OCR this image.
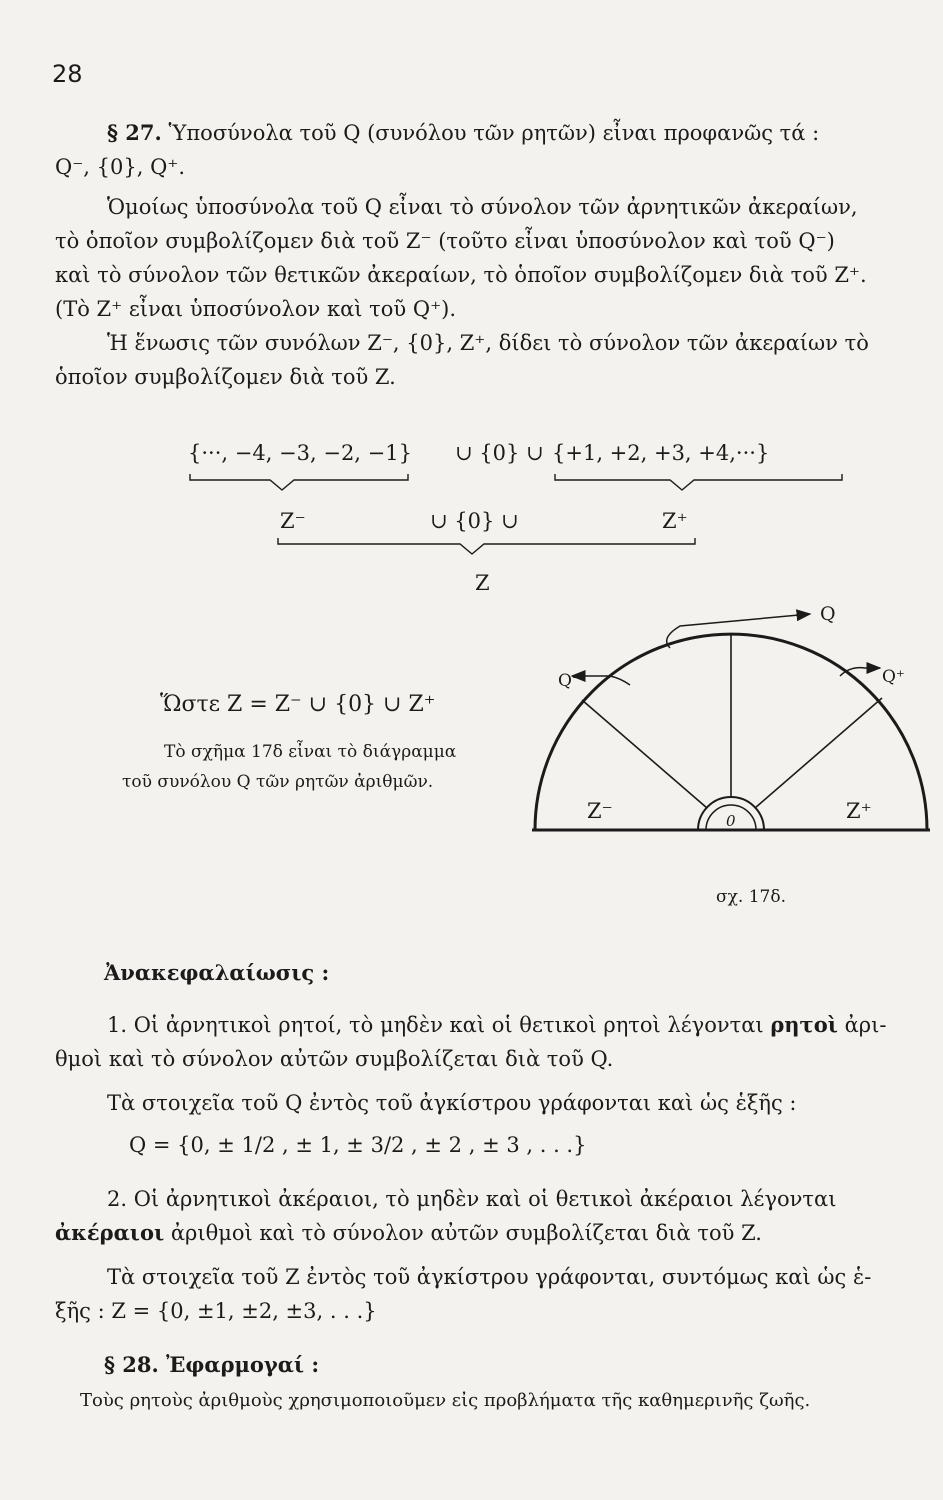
28
§ 27. Ὑποσύνολα τοῦ Q (συνόλου τῶν ρητῶν) εἶναι προφανῶς τά :
Q⁻, {0}, Q⁺.
Ὁμοίως ὑποσύνολα τοῦ Q εἶναι τὸ σύνολον τῶν ἀρνητικῶν ἀκεραίων,
τὸ ὁποῖον συμβολίζομεν διὰ τοῦ Z⁻ (τοῦτο εἶναι ὑποσύνολον καὶ τοῦ Q⁻)
καὶ τὸ σύνολον τῶν θετικῶν ἀκεραίων, τὸ ὁποῖον συμβολίζομεν διὰ τοῦ Z⁺.
(Τὸ Z⁺ εἶναι ὑποσύνολον καὶ τοῦ Q⁺).
Ἡ ἕνωσις τῶν συνόλων Z⁻, {0}, Z⁺, δίδει τὸ σύνολον τῶν ἀκεραίων τὸ
ὁποῖον συμβολίζομεν διὰ τοῦ Z.
{···, −4, −3, −2, −1} ∪ {0} ∪ {+1, +2, +3, +4,···}
Z⁻	∪ {0} ∪	Z⁺
Z
Ὥστε Z = Z⁻ ∪ {0} ∪ Z⁺
Τὸ σχῆμα 17δ εἶναι τὸ διάγραμμα
τοῦ συνόλου Q τῶν ρητῶν ἀριθμῶν.
Q
Q⁻	Q⁺
Z⁻	Z⁺
0
σχ. 17δ.
Ἀνακεφαλαίωσις :
1. Οἱ ἀρνητικοὶ ρητοί, τὸ μηδὲν καὶ οἱ θετικοὶ ρητοὶ λέγονται ρητοὶ ἀρι-
θμοὶ καὶ τὸ σύνολον αὐτῶν συμβολίζεται διὰ τοῦ Q.
Τὰ στοιχεῖα τοῦ Q ἐντὸς τοῦ ἀγκίστρου γράφονται καὶ ὡς ἑξῆς :
Q = {0, ± 1/2 , ± 1, ± 3/2 , ± 2 , ± 3 , . . .}
2. Οἱ ἀρνητικοὶ ἀκέραιοι, τὸ μηδὲν καὶ οἱ θετικοὶ ἀκέραιοι λέγονται
ἀκέραιοι ἀριθμοὶ καὶ τὸ σύνολον αὐτῶν συμβολίζεται διὰ τοῦ Z.
Τὰ στοιχεῖα τοῦ Z ἐντὸς τοῦ ἀγκίστρου γράφονται, συντόμως καὶ ὡς ἑ-
ξῆς : Z = {0, ±1, ±2, ±3, . . .}
§ 28. Ἐφαρμογαί :
Τοὺς ρητοὺς ἀριθμοὺς χρησιμοποιοῦμεν εἰς προβλήματα τῆς καθημερινῆς ζωῆς.
